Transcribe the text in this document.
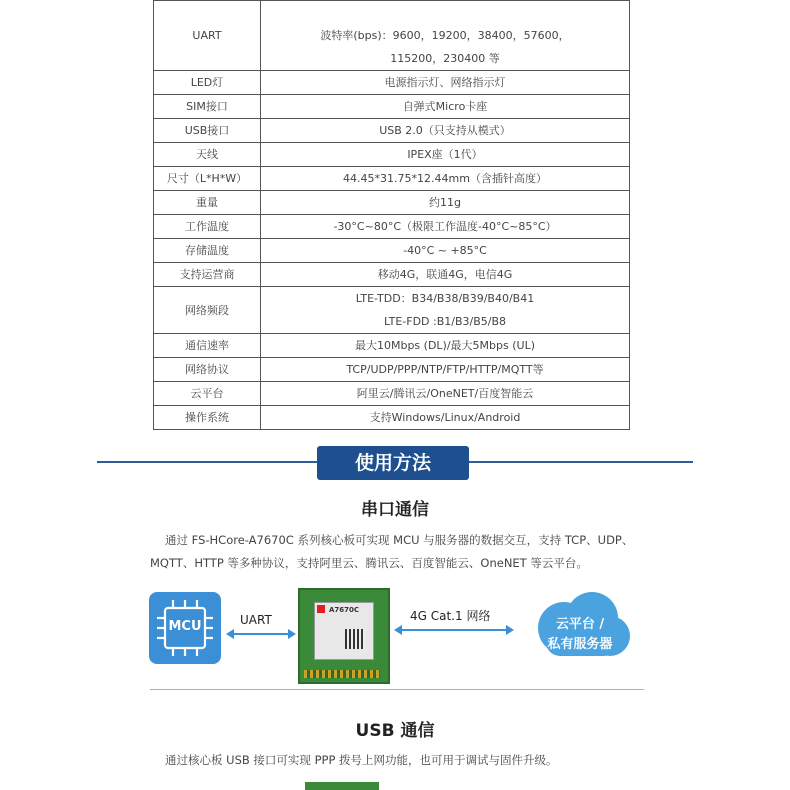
UART	波特率(bps)：9600，19200，38400，57600，
115200，230400 等

LED灯	电源指示灯、网络指示灯

SIM接口	自弹式Micro卡座

USB接口	USB 2.0（只支持从模式）

天线	IPEX座（1代）

尺寸（L*H*W）	44.45*31.75*12.44mm（含插针高度）

重量	约11g

工作温度	-30°C~80°C（极限工作温度-40°C~85°C）

存储温度	-40°C ~ +85°C

支持运营商	移动4G，联通4G，电信4G

网络频段	LTE-TDD：B34/B38/B39/B40/B41
LTE-FDD :B1/B3/B5/B8

通信速率	最大10Mbps (DL)/最大5Mbps (UL)

网络协议	TCP/UDP/PPP/NTP/FTP/HTTP/MQTT等

云平台	阿里云/腾讯云/OneNET/百度智能云

操作系统	支持Windows/Linux/Android
使用方法
串口通信
通过 FS-HCore-A7670C 系列核心板可实现 MCU 与服务器的数据交互，支持 TCP、UDP、
MQTT、HTTP 等多种协议，支持阿里云、腾讯云、百度智能云、OneNET 等云平台。
MCU	UART
A7670C	4G Cat.1 网络
云平台 /
私有服务器
USB 通信
通过核心板 USB 接口可实现 PPP 拨号上网功能，也可用于调试与固件升级。
